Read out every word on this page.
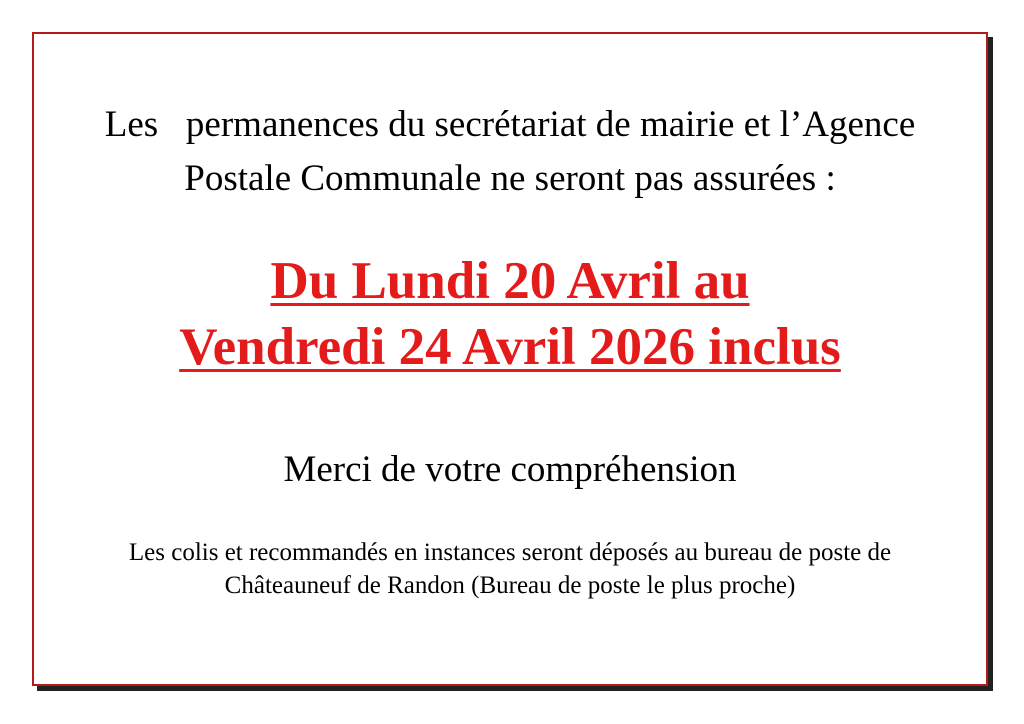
Les   permanences du secrétariat de mairie et l’Agence
Postale Communale ne seront pas assurées :
Du Lundi 20 Avril au
Vendredi 24 Avril 2026 inclus
Merci de votre compréhension
Les colis et recommandés en instances seront déposés au bureau de poste de
Châteauneuf de Randon (Bureau de poste le plus proche)
